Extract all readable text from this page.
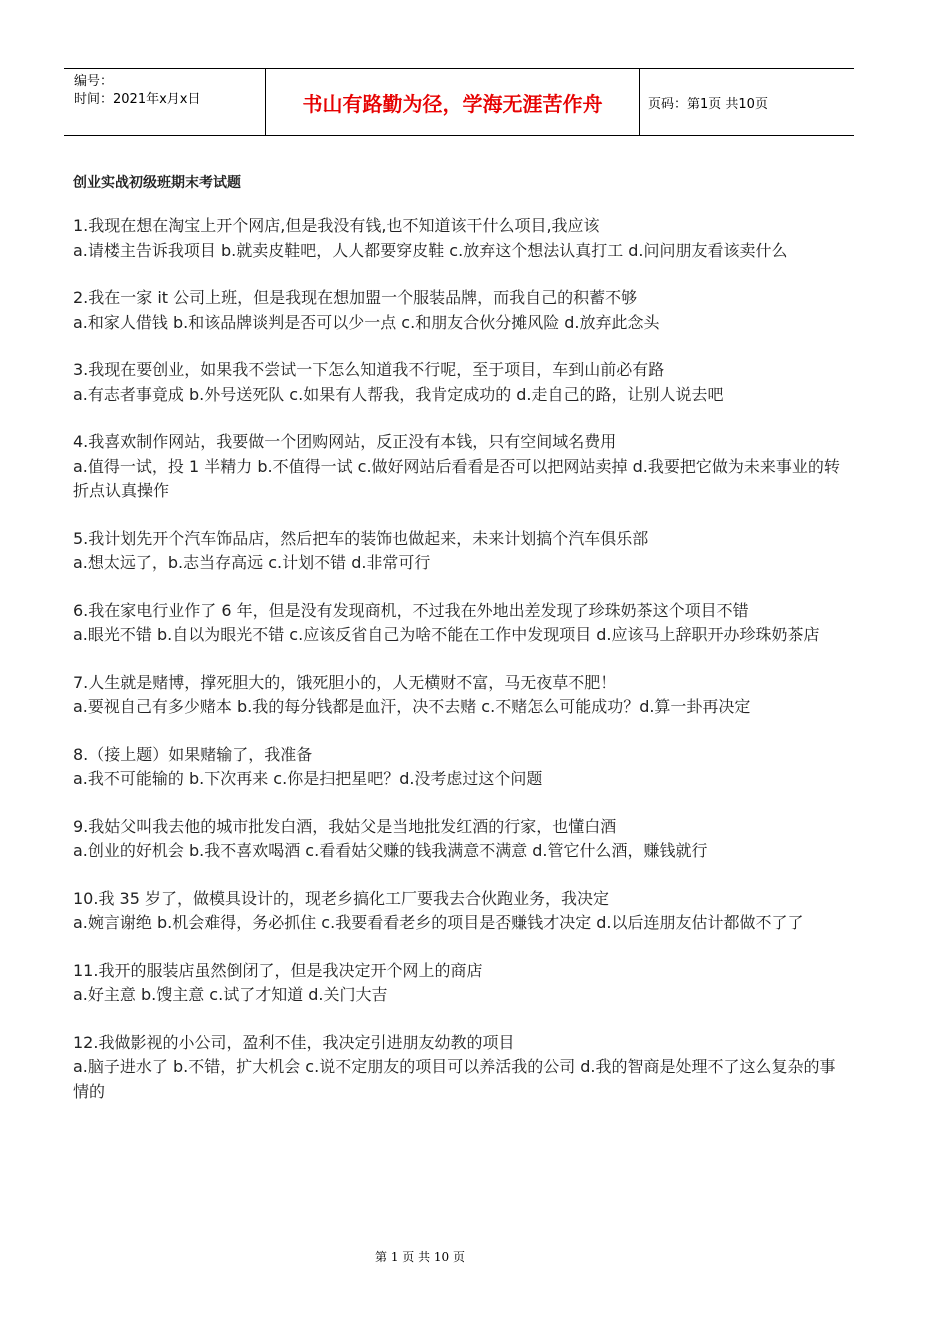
编号：
时间：2021年x月x日	书山有路勤为径，学海无涯苦作舟	页码：第1页 共10页
创业实战初级班期末考试题

1.我现在想在淘宝上开个网店,但是我没有钱,也不知道该干什么项目,我应该

a.请楼主告诉我项目 b.就卖皮鞋吧，人人都要穿皮鞋 c.放弃这个想法认真打工 d.问问朋友看该卖什么

2.我在一家 it 公司上班，但是我现在想加盟一个服装品牌，而我自己的积蓄不够

a.和家人借钱 b.和该品牌谈判是否可以少一点 c.和朋友合伙分摊风险 d.放弃此念头

3.我现在要创业，如果我不尝试一下怎么知道我不行呢，至于项目，车到山前必有路

a.有志者事竟成 b.外号送死队 c.如果有人帮我，我肯定成功的 d.走自己的路，让别人说去吧

4.我喜欢制作网站，我要做一个团购网站，反正没有本钱，只有空间域名费用

a.值得一试，投 1 半精力 b.不值得一试 c.做好网站后看看是否可以把网站卖掉 d.我要把它做为未来事业的转折点认真操作

5.我计划先开个汽车饰品店，然后把车的装饰也做起来，未来计划搞个汽车俱乐部

a.想太远了，b.志当存高远 c.计划不错 d.非常可行

6.我在家电行业作了 6 年，但是没有发现商机，不过我在外地出差发现了珍珠奶茶这个项目不错

a.眼光不错 b.自以为眼光不错 c.应该反省自己为啥不能在工作中发现项目 d.应该马上辞职开办珍珠奶茶店

7.人生就是赌博，撑死胆大的，饿死胆小的，人无横财不富，马无夜草不肥！

a.要视自己有多少赌本 b.我的每分钱都是血汗，决不去赌 c.不赌怎么可能成功？d.算一卦再决定

8.（接上题）如果赌输了，我准备

a.我不可能输的 b.下次再来 c.你是扫把星吧？d.没考虑过这个问题

9.我姑父叫我去他的城市批发白酒，我姑父是当地批发红酒的行家，也懂白酒

a.创业的好机会 b.我不喜欢喝酒 c.看看姑父赚的钱我满意不满意 d.管它什么酒，赚钱就行

10.我 35 岁了，做模具设计的，现老乡搞化工厂要我去合伙跑业务，我决定

a.婉言谢绝 b.机会难得，务必抓住 c.我要看看老乡的项目是否赚钱才决定 d.以后连朋友估计都做不了了

11.我开的服装店虽然倒闭了，但是我决定开个网上的商店

a.好主意 b.馊主意 c.试了才知道 d.关门大吉

12.我做影视的小公司，盈利不佳，我决定引进朋友幼教的项目

a.脑子进水了 b.不错，扩大机会 c.说不定朋友的项目可以养活我的公司 d.我的智商是处理不了这么复杂的事情的

第 1 页 共 10 页
